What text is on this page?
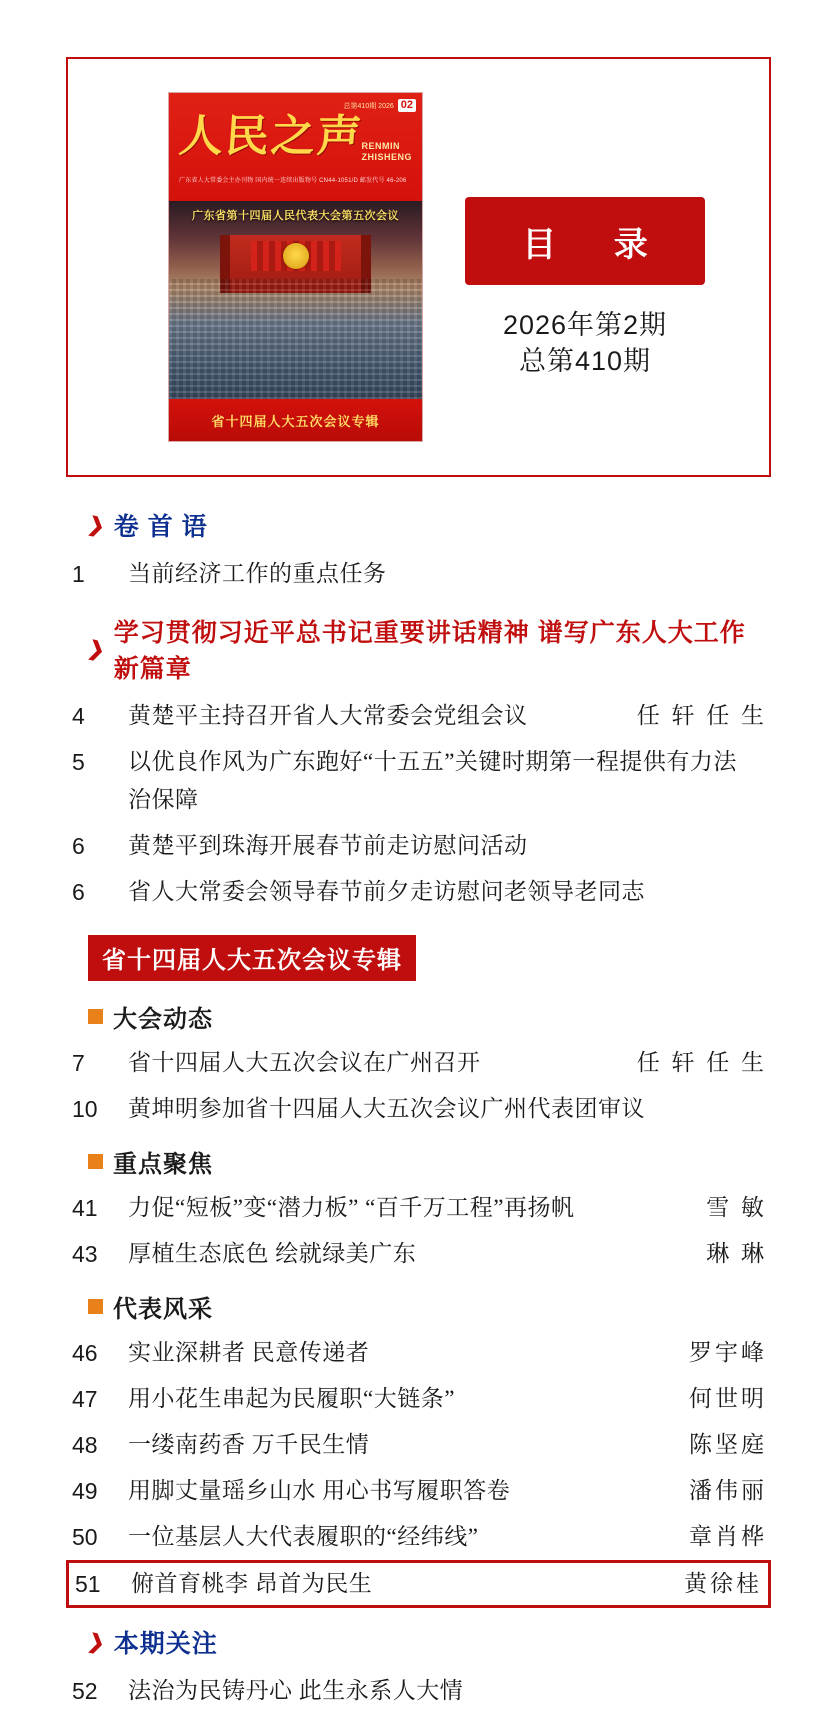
总第410期 2026 02
人民之声
RENMIN
ZHISHENG
广东省人大常委会主办刊物 国内统一连续出版物号 CN44-1051/D 邮发代号 46-206
广东省第十四届人民代表大会第五次会议
省十四届人大五次会议专辑
目 录
2026年第2期
总第410期
❯ 卷 首 语
1	当前经济工作的重点任务
❯
学习贯彻习近平总书记重要讲话精神 谱写广东人大工作新篇章
4	黄楚平主持召开省人大常委会党组会议	任 轩 任 生
5	以优良作风为广东跑好“十五五”关键时期第一程提供有力法治保障
6	黄楚平到珠海开展春节前走访慰问活动
6	省人大常委会领导春节前夕走访慰问老领导老同志
省十四届人大五次会议专辑
大会动态
7	省十四届人大五次会议在广州召开	任 轩 任 生
10	黄坤明参加省十四届人大五次会议广州代表团审议
重点聚焦
41	力促“短板”变“潜力板” “百千万工程”再扬帆	雪 敏
43	厚植生态底色 绘就绿美广东	琳 琳
代表风采
46	实业深耕者 民意传递者	罗宇峰
47	用小花生串起为民履职“大链条”	何世明
48	一缕南药香 万千民生情	陈坚庭
49	用脚丈量瑶乡山水 用心书写履职答卷	潘伟丽
50	一位基层人大代表履职的“经纬线”	章肖桦
51	俯首育桃李 昂首为民生	黄徐桂
❯ 本期关注
52	法治为民铸丹心 此生永系人大情
